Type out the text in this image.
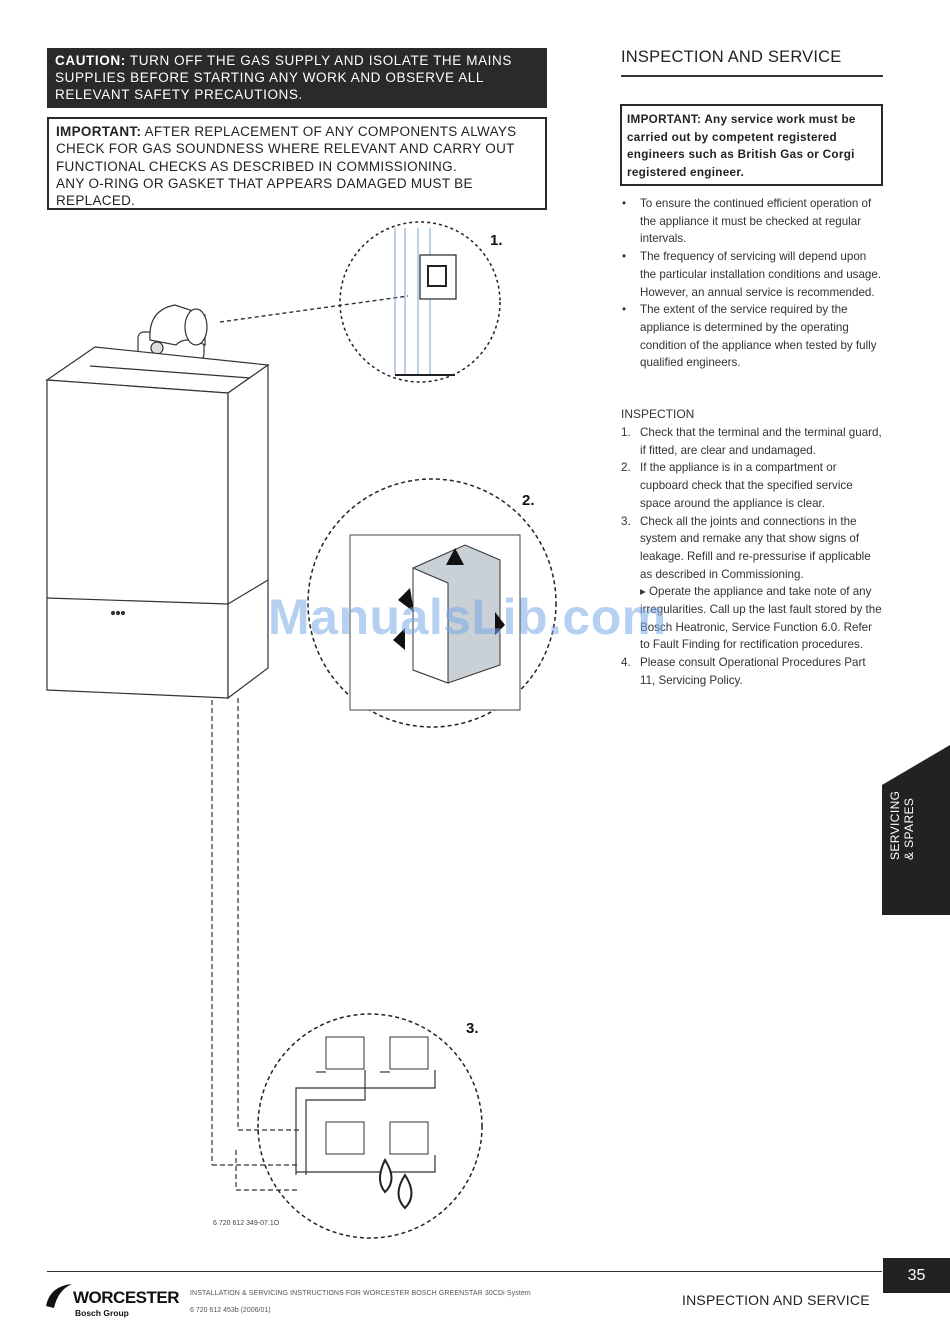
CAUTION: TURN OFF THE GAS SUPPLY AND ISOLATE THE MAINS SUPPLIES BEFORE STARTING ANY WORK AND OBSERVE ALL RELEVANT SAFETY PRECAUTIONS.
IMPORTANT: AFTER REPLACEMENT OF ANY COMPONENTS ALWAYS CHECK FOR GAS SOUNDNESS WHERE RELEVANT AND CARRY OUT FUNCTIONAL CHECKS AS DESCRIBED IN COMMISSIONING.
ANY O-RING OR GASKET THAT APPEARS DAMAGED MUST BE REPLACED.
INSPECTION AND SERVICE
IMPORTANT: Any service work must be carried out by competent registered engineers such as British Gas or Corgi registered engineer.
• To ensure the continued efficient operation of the appliance it must be checked at regular intervals.
• The frequency of servicing will depend upon the particular installation conditions and usage. However, an annual service is recommended.
• The extent of the service required by the appliance is determined by the operating condition of the appliance when tested by fully qualified engineers.
INSPECTION
1. Check that the terminal and the terminal guard, if fitted, are clear and undamaged.
2. If the appliance is in a compartment or cupboard check that the specified service space around the appliance is clear.
3. Check all the joints and connections in the system and remake any that show signs of leakage. Refill and re-pressurise if applicable as described in Commissioning.
▸ Operate the appliance and take note of any irregularities. Call up the last fault stored by the Bosch Heatronic, Service Function 6.0. Refer to Fault Finding for rectification procedures.
4. Please consult Operational Procedures Part 11, Servicing Policy.
1.
2.
3.
6 720 612 349-07.1O
ManualsLib.com
SERVICING & SPARES
35
INSPECTION AND SERVICE
INSTALLATION & SERVICING INSTRUCTIONS FOR WORCESTER BOSCH GREENSTAR 30CDi System
6 720 612 453b (2006/01)
WORCESTER
Bosch Group
